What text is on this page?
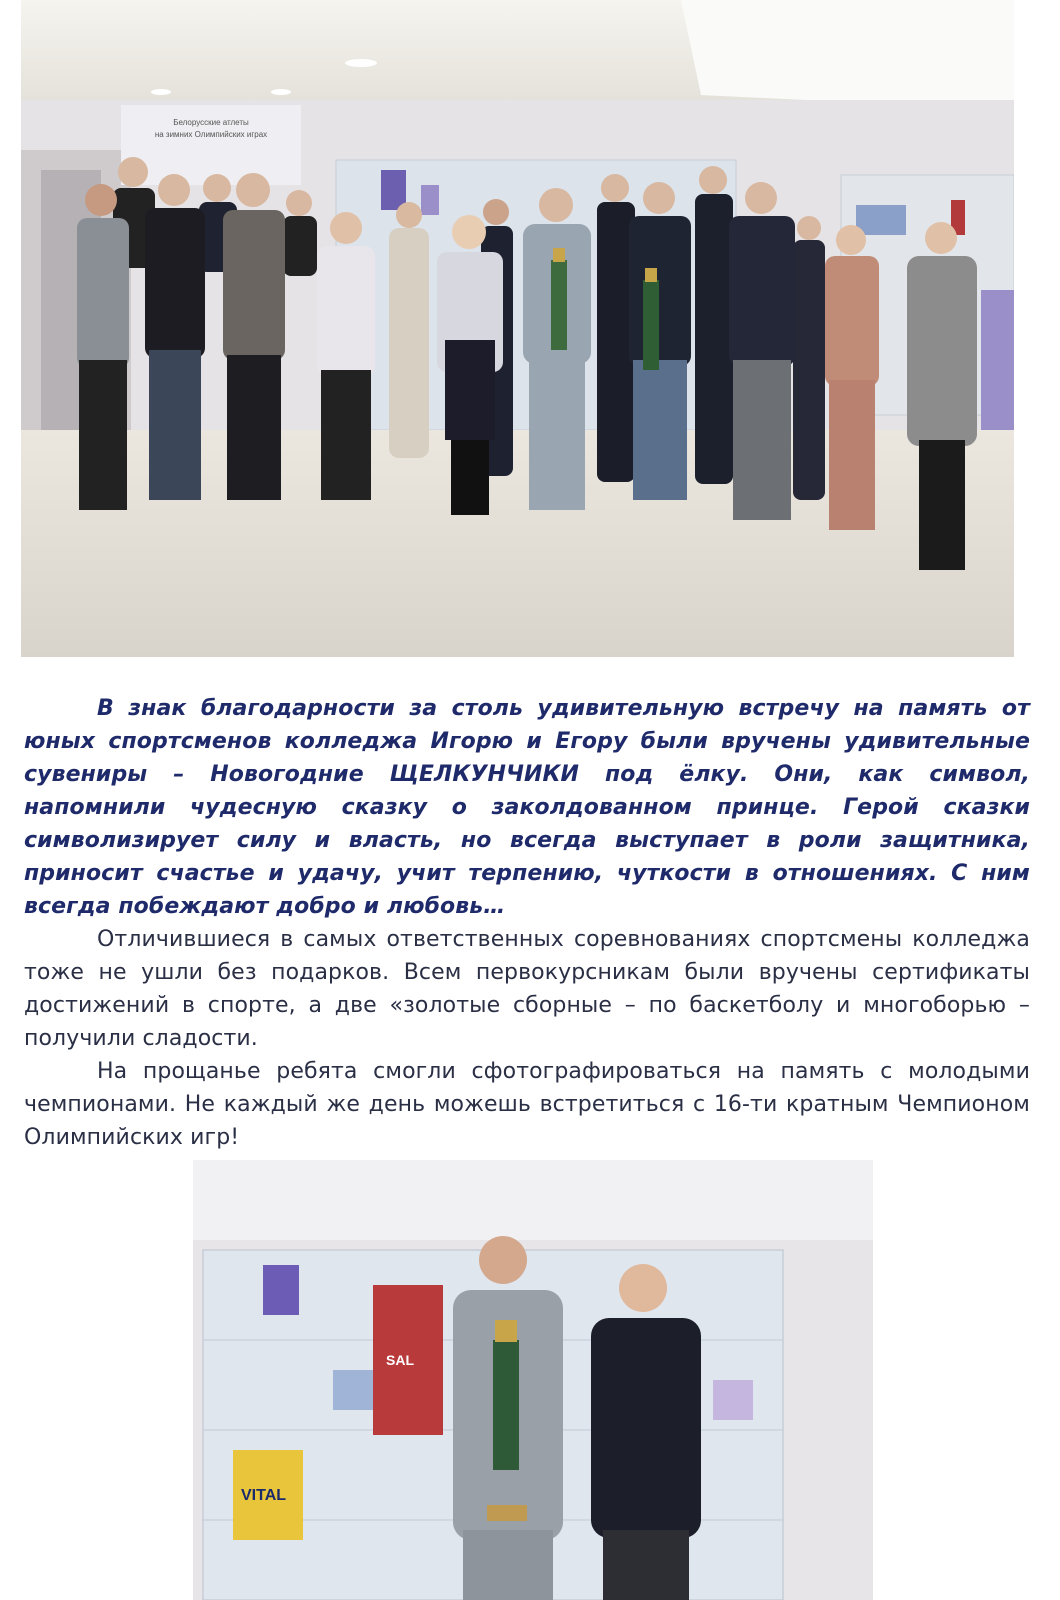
Белорусские атлеты
на зимних Олимпийских играх

В знак благодарности за столь удивительную встречу на память от юных спортсменов колледжа Игорю и Егору были вручены удивительные сувениры – Новогодние ЩЕЛКУНЧИКИ под ёлку. Они, как символ, напомнили чудесную сказку о заколдованном принце. Герой сказки символизирует силу и власть, но всегда выступает в роли защитника, приносит счастье и удачу, учит терпению, чуткости в отношениях. С ним всегда побеждают добро и любовь…

Отличившиеся в самых ответственных соревнованиях спортсмены колледжа тоже не ушли без подарков. Всем первокурсникам были вручены сертификаты достижений в спорте, а две «золотые сборные – по баскетболу и многоборью – получили сладости.

На прощанье ребята смогли сфотографироваться на память с молодыми чемпионами. Не каждый же день можешь встретиться с 16-ти кратным Чемпионом Олимпийских игр!

SAL
VITAL
